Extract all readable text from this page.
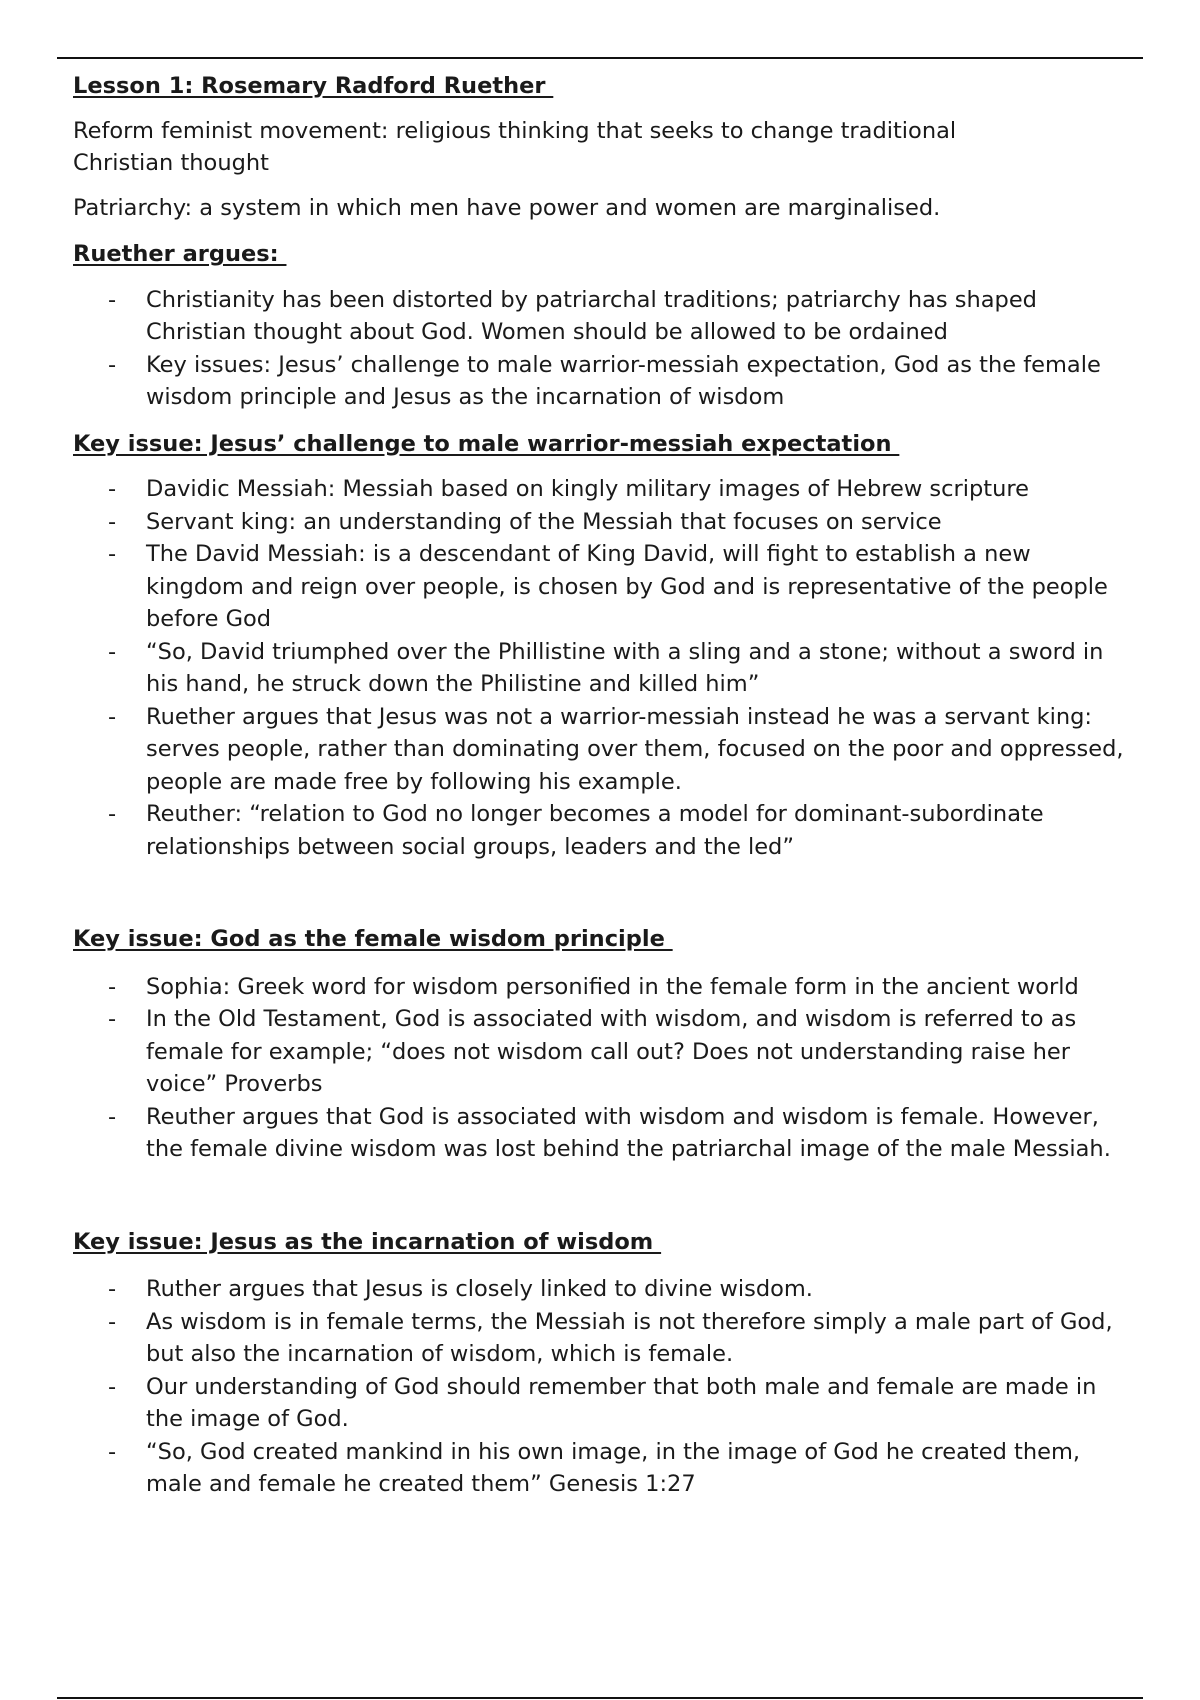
Lesson 1: Rosemary Radford Ruether

Reform feminist movement: religious thinking that seeks to change traditional Christian thought

Patriarchy: a system in which men have power and women are marginalised.

Ruether argues:

- Christianity has been distorted by patriarchal traditions; patriarchy has shaped Christian thought about God. Women should be allowed to be ordained
- Key issues: Jesus’ challenge to male warrior-messiah expectation, God as the female wisdom principle and Jesus as the incarnation of wisdom

Key issue: Jesus’ challenge to male warrior-messiah expectation

- Davidic Messiah: Messiah based on kingly military images of Hebrew scripture
- Servant king: an understanding of the Messiah that focuses on service
- The David Messiah: is a descendant of King David, will fight to establish a new kingdom and reign over people, is chosen by God and is representative of the people before God
- “So, David triumphed over the Phillistine with a sling and a stone; without a sword in his hand, he struck down the Philistine and killed him”
- Ruether argues that Jesus was not a warrior-messiah instead he was a servant king: serves people, rather than dominating over them, focused on the poor and oppressed, people are made free by following his example.
- Reuther: “relation to God no longer becomes a model for dominant-subordinate relationships between social groups, leaders and the led”

Key issue: God as the female wisdom principle

- Sophia: Greek word for wisdom personified in the female form in the ancient world
- In the Old Testament, God is associated with wisdom, and wisdom is referred to as female for example; “does not wisdom call out? Does not understanding raise her voice” Proverbs
- Reuther argues that God is associated with wisdom and wisdom is female. However, the female divine wisdom was lost behind the patriarchal image of the male Messiah.

Key issue: Jesus as the incarnation of wisdom

- Ruther argues that Jesus is closely linked to divine wisdom.
- As wisdom is in female terms, the Messiah is not therefore simply a male part of God, but also the incarnation of wisdom, which is female.
- Our understanding of God should remember that both male and female are made in the image of God.
- “So, God created mankind in his own image, in the image of God he created them, male and female he created them” Genesis 1:27
